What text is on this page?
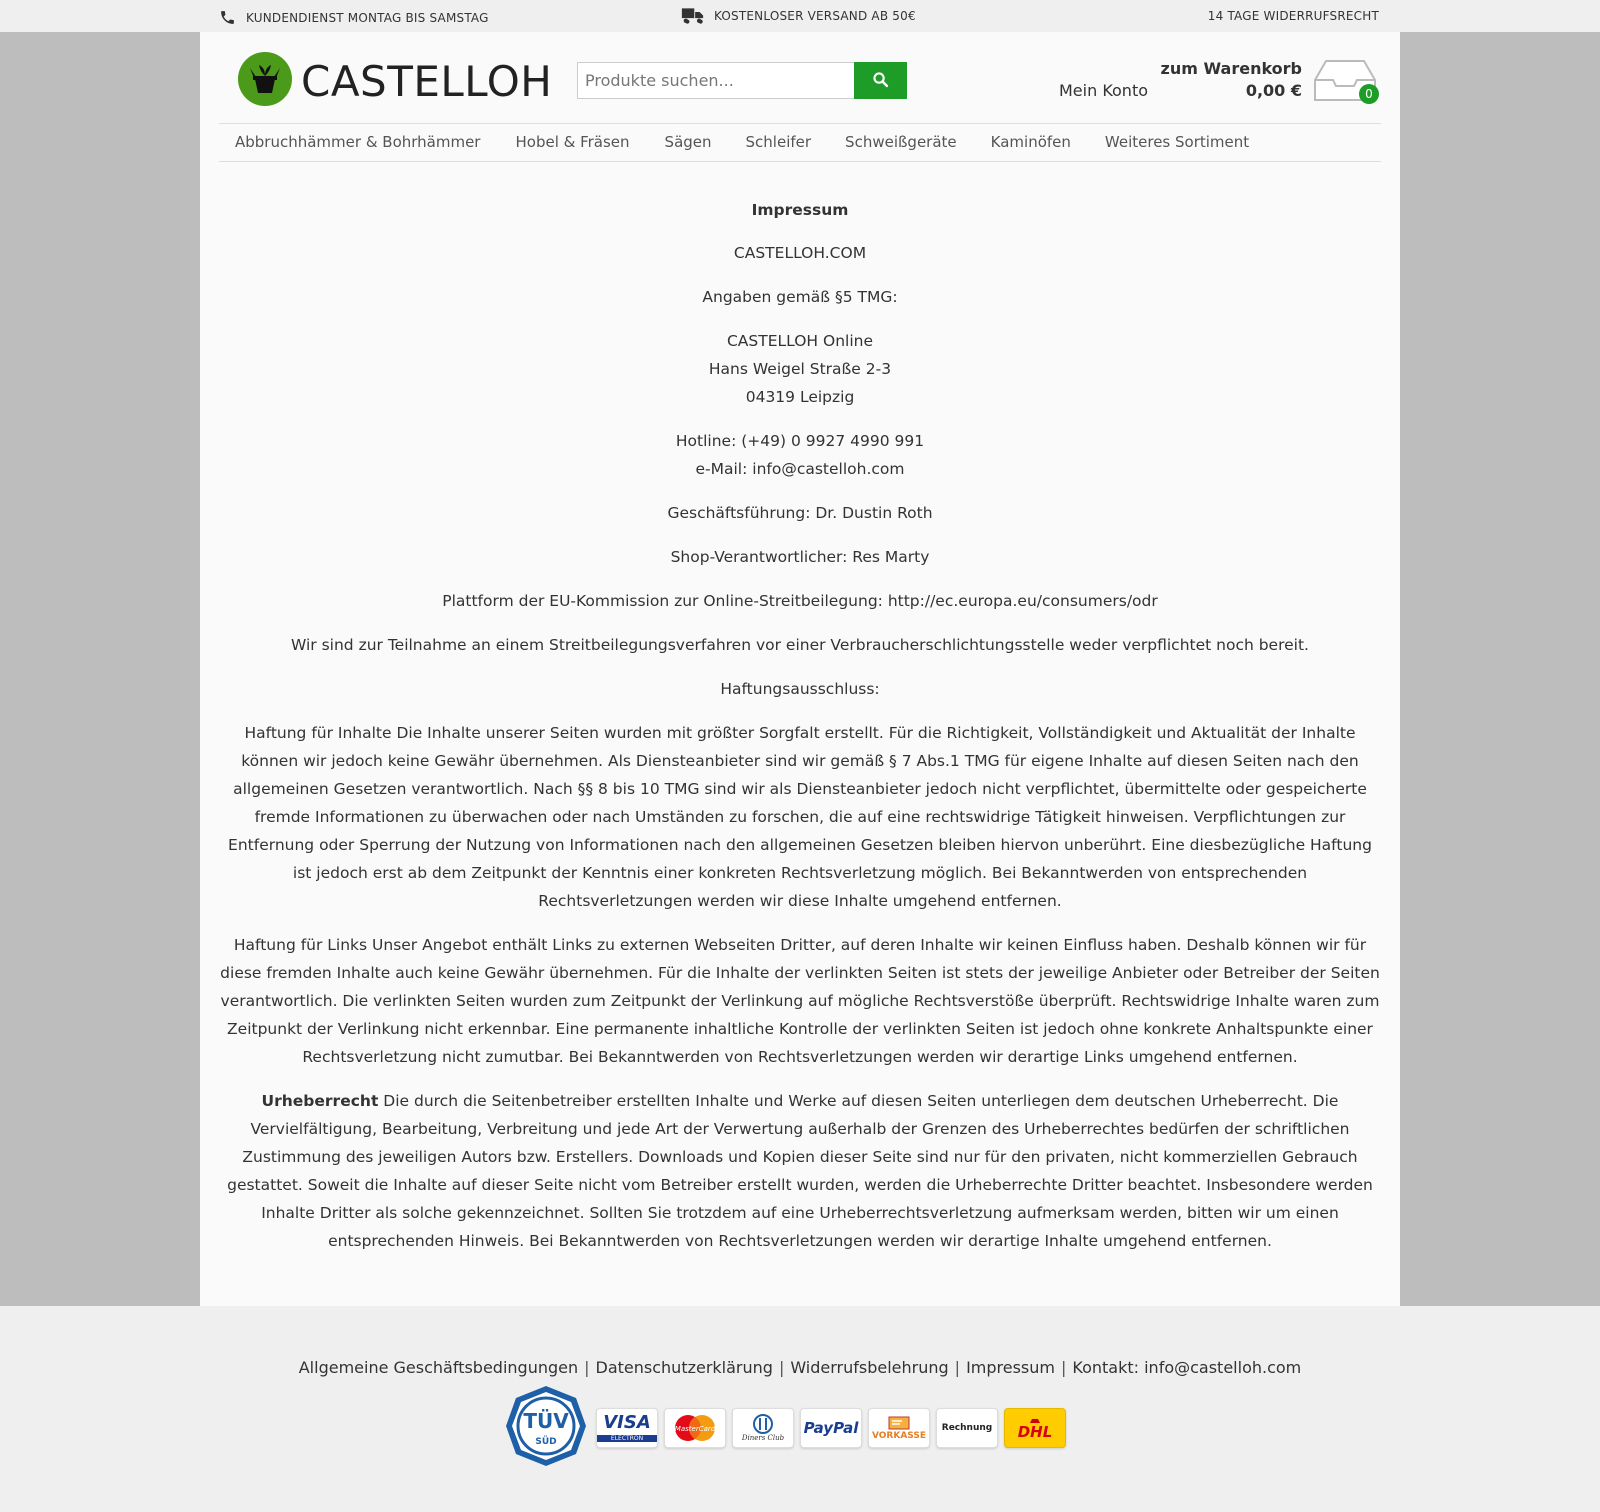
KUNDENDIENST MONTAG BIS SAMSTAG	KOSTENLOSER VERSAND AB 50€	14 TAGE WIDERRUFSRECHT
CASTELLOH
Produkte suchen...	Mein Konto
zum Warenkorb
0,00 €	0
Abbruchhämmer & Bohrhämmer	Hobel & Fräsen	Sägen	Schleifer	Schweißgeräte	Kaminöfen	Weiteres Sortiment

Impressum

CASTELLOH.COM

Angaben gemäß §5 TMG:

CASTELLOH Online
Hans Weigel Straße 2-3
04319 Leipzig

Hotline: (+49) 0 9927 4990 991
e-Mail: info@castelloh.com

Geschäftsführung: Dr. Dustin Roth

Shop-Verantwortlicher: Res Marty

Plattform der EU-Kommission zur Online-Streitbeilegung: http://ec.europa.eu/consumers/odr

Wir sind zur Teilnahme an einem Streitbeilegungsverfahren vor einer Verbraucherschlichtungsstelle weder verpflichtet noch bereit.

Haftungsausschluss:

Haftung für Inhalte Die Inhalte unserer Seiten wurden mit größter Sorgfalt erstellt. Für die Richtigkeit, Vollständigkeit und Aktualität der Inhalte können wir jedoch keine Gewähr übernehmen. Als Diensteanbieter sind wir gemäß § 7 Abs.1 TMG für eigene Inhalte auf diesen Seiten nach den allgemeinen Gesetzen verantwortlich. Nach §§ 8 bis 10 TMG sind wir als Diensteanbieter jedoch nicht verpflichtet, übermittelte oder gespeicherte fremde Informationen zu überwachen oder nach Umständen zu forschen, die auf eine rechtswidrige Tätigkeit hinweisen. Verpflichtungen zur Entfernung oder Sperrung der Nutzung von Informationen nach den allgemeinen Gesetzen bleiben hiervon unberührt. Eine diesbezügliche Haftung ist jedoch erst ab dem Zeitpunkt der Kenntnis einer konkreten Rechtsverletzung möglich. Bei Bekanntwerden von entsprechenden Rechtsverletzungen werden wir diese Inhalte umgehend entfernen.

Haftung für Links Unser Angebot enthält Links zu externen Webseiten Dritter, auf deren Inhalte wir keinen Einfluss haben. Deshalb können wir für diese fremden Inhalte auch keine Gewähr übernehmen. Für die Inhalte der verlinkten Seiten ist stets der jeweilige Anbieter oder Betreiber der Seiten verantwortlich. Die verlinkten Seiten wurden zum Zeitpunkt der Verlinkung auf mögliche Rechtsverstöße überprüft. Rechtswidrige Inhalte waren zum Zeitpunkt der Verlinkung nicht erkennbar. Eine permanente inhaltliche Kontrolle der verlinkten Seiten ist jedoch ohne konkrete Anhaltspunkte einer Rechtsverletzung nicht zumutbar. Bei Bekanntwerden von Rechtsverletzungen werden wir derartige Links umgehend entfernen.

Urheberrecht Die durch die Seitenbetreiber erstellten Inhalte und Werke auf diesen Seiten unterliegen dem deutschen Urheberrecht. Die Vervielfältigung, Bearbeitung, Verbreitung und jede Art der Verwertung außerhalb der Grenzen des Urheberrechtes bedürfen der schriftlichen Zustimmung des jeweiligen Autors bzw. Erstellers. Downloads und Kopien dieser Seite sind nur für den privaten, nicht kommerziellen Gebrauch gestattet. Soweit die Inhalte auf dieser Seite nicht vom Betreiber erstellt wurden, werden die Urheberrechte Dritter beachtet. Insbesondere werden Inhalte Dritter als solche gekennzeichnet. Sollten Sie trotzdem auf eine Urheberrechtsverletzung aufmerksam werden, bitten wir um einen entsprechenden Hinweis. Bei Bekanntwerden von Rechtsverletzungen werden wir derartige Inhalte umgehend entfernen.

Allgemeine Geschäftsbedingungen | Datenschutzerklärung | Widerrufsbelehrung | Impressum | Kontakt: info@castelloh.com
TÜV
SÜD
VISA
ELECTRON
MasterCard
Diners Club
PayPal VORKASSE
Rechnung DHL
